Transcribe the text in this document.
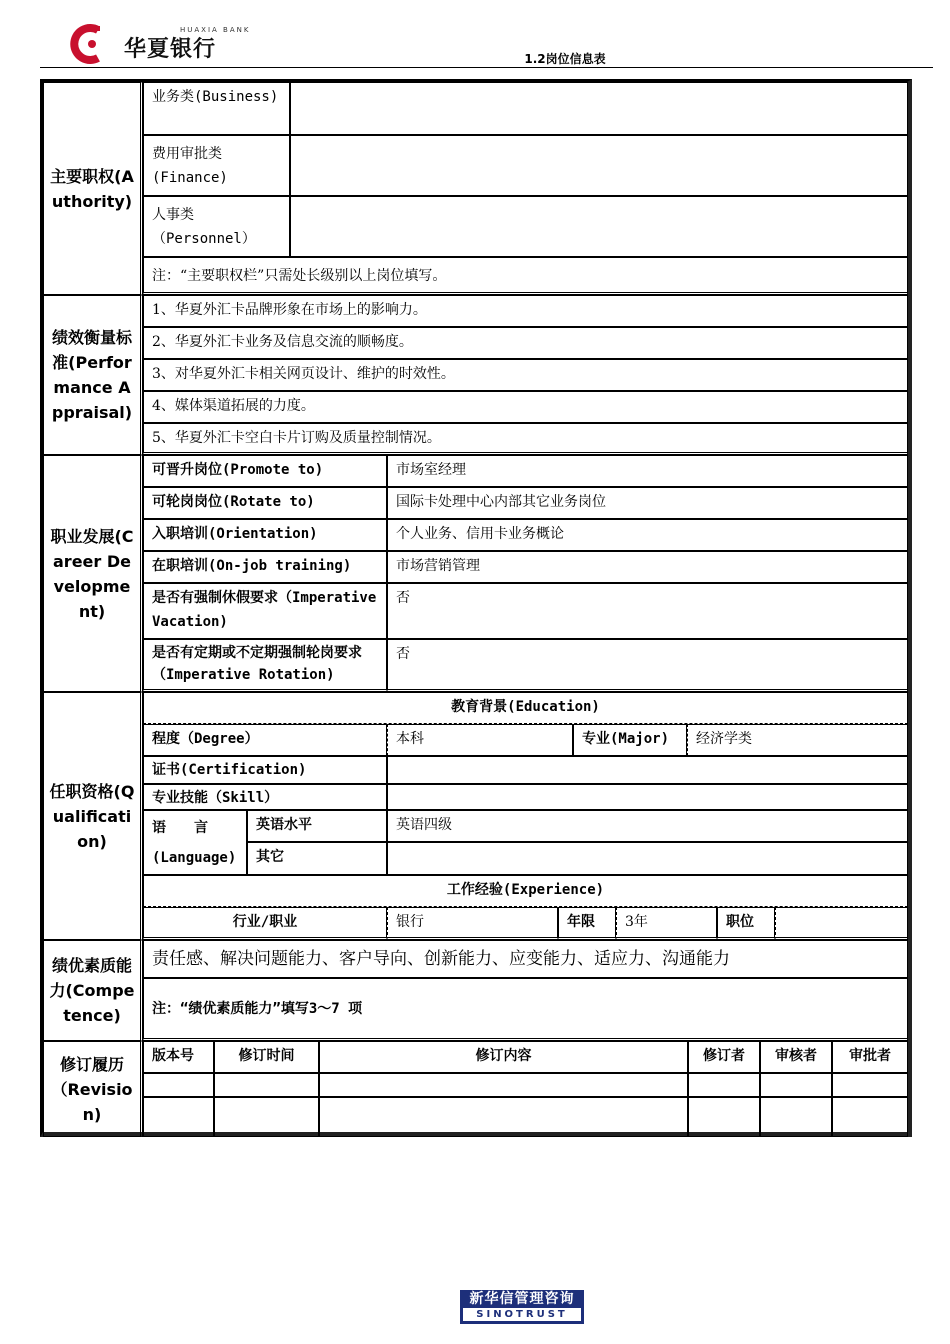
HUAXIA BANK
华夏银行	1.2岗位信息表
主要职权(Authority)
业务类(Business)
费用审批类(Finance)
人事类（Personnel）
注：“主要职权栏”只需处长级别以上岗位填写。
绩效衡量标准(Performance Appraisal)
1、华夏外汇卡品牌形象在市场上的影响力。
2、华夏外汇卡业务及信息交流的顺畅度。
3、对华夏外汇卡相关网页设计、维护的时效性。
4、媒体渠道拓展的力度。
5、华夏外汇卡空白卡片订购及质量控制情况。
职业发展(Career Development)
可晋升岗位(Promote to)	市场室经理
可轮岗岗位(Rotate to)	国际卡处理中心内部其它业务岗位
入职培训(Orientation)	个人业务、信用卡业务概论
在职培训(On-job training)	市场营销管理
是否有强制休假要求（Imperative Vacation)
否
是否有定期或不定期强制轮岗要求（Imperative Rotation)
否
任职资格(Qualification)
教育背景(Education)
程度（Degree）	本科	专业(Major)	经济学类
证书(Certification)
专业技能（Skill）
语　　言
(Language)
英语水平	英语四级
其它
工作经验(Experience)
行业/职业	银行	年限	3年	职位
绩优素质能力(Competence)
责任感、解决问题能力、客户导向、创新能力、应变能力、适应力、沟通能力
注：“绩优素质能力”填写3～7 项
修订履历（Revision)
版本号	修订时间	修订内容	修订者	审核者	审批者
新华信管理咨询
SINOTRUST
